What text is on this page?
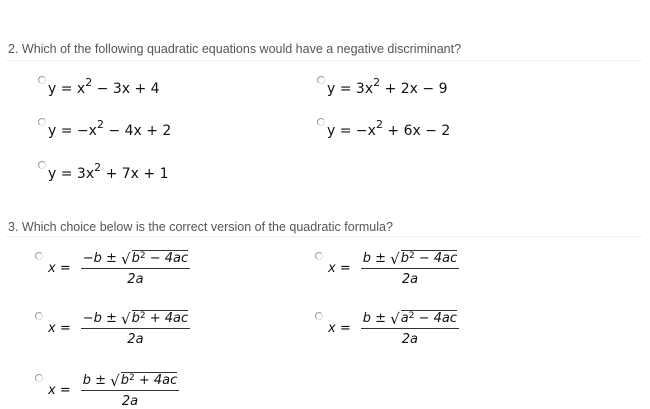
2. Which of the following quadratic equations would have a negative discriminant?
$y = x^2 - 3x + 4$	$y = 3x^2 + 2x - 9$
$y = -x^2 - 4x + 2$	$y = -x^2 + 6x - 2$
$y = 3x^2 + 7x + 1$
3. Which choice below is the correct version of the quadratic formula?
$x = \frac{-b \pm √ b^2 - 4ac}{2a}$	$x = \frac{b \pm √ b^2 - 4ac}{2a}$
$x = \frac{-b \pm √ b^2 + 4ac}{2a}$	$x = \frac{b \pm √ a^2 - 4ac}{2a}$
$x = \frac{b \pm √ b^2 + 4ac}{2a}$
